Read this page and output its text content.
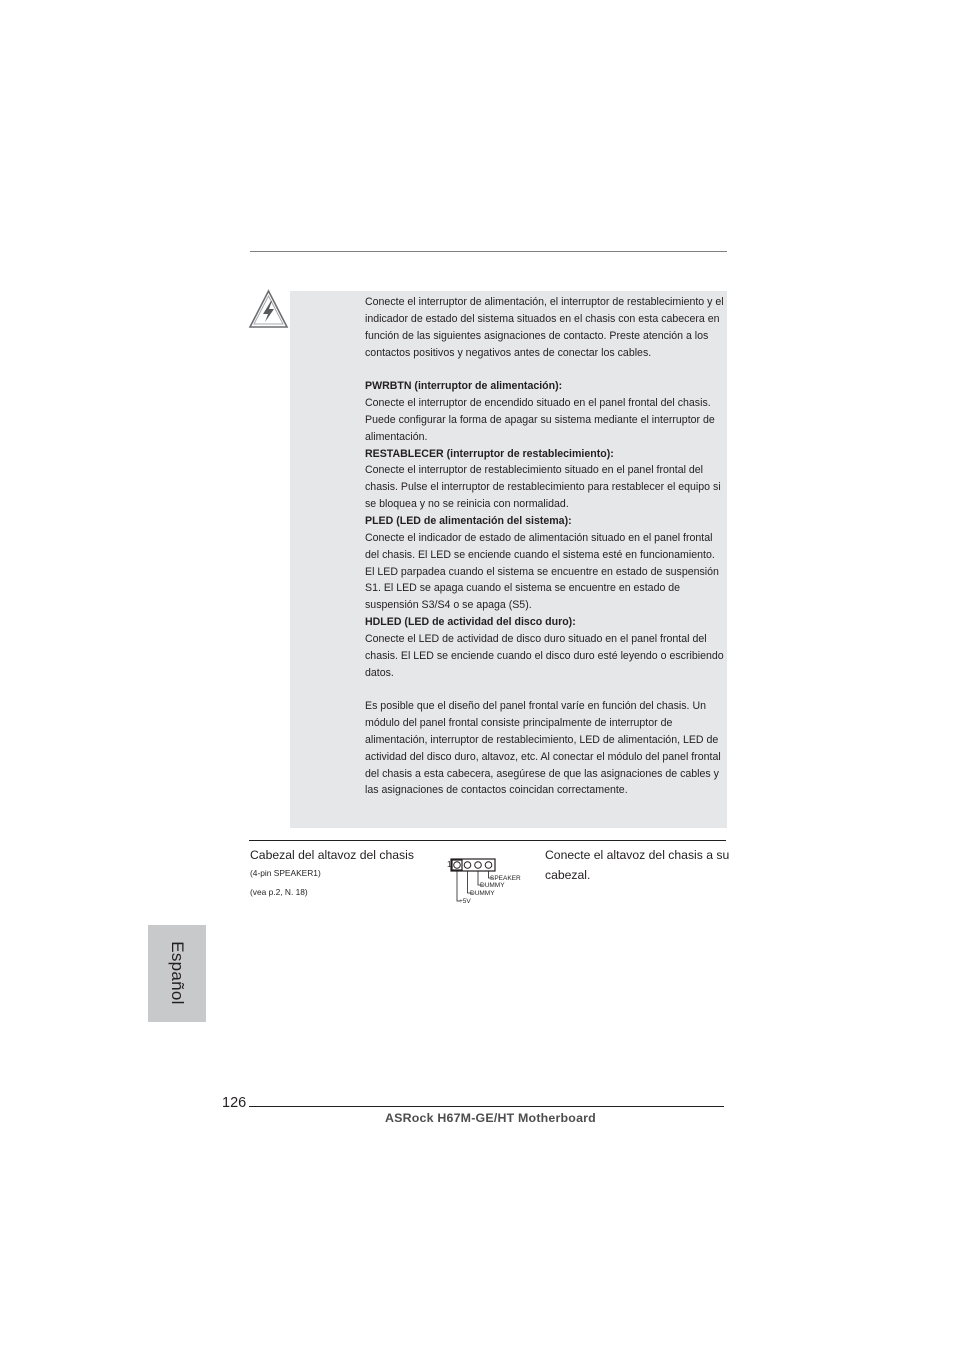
Conecte el interruptor de alimentación, el interruptor de restablecimiento y el indicador de estado del sistema situados en el chasis con esta cabecera en función de las siguientes asignaciones de contacto. Preste atención a los contactos positivos y negativos antes de conectar los cables.

PWRBTN (interruptor de alimentación):

Conecte el interruptor de encendido situado en el panel frontal del chasis. Puede configurar la forma de apagar su sistema mediante el interruptor de alimentación.

RESTABLECER (interruptor de restablecimiento):

Conecte el interruptor de restablecimiento situado en el panel frontal del chasis. Pulse el interruptor de restablecimiento para restablecer el equipo si se bloquea y no se reinicia con normalidad.

PLED (LED de alimentación del sistema):

Conecte el indicador de estado de alimentación situado en el panel frontal del chasis. El LED se enciende cuando el sistema esté en funcionamiento. El LED parpadea cuando el sistema se encuentre en estado de suspensión S1. El LED se apaga cuando el sistema se encuentre en estado de suspensión S3/S4 o se apaga (S5).

HDLED (LED de actividad del disco duro):

Conecte el LED de actividad de disco duro situado en el panel frontal del chasis. El LED se enciende cuando el disco duro esté leyendo o escribiendo datos.

Es posible que el diseño del panel frontal varíe en función del chasis. Un módulo del panel frontal consiste principalmente de interruptor de alimentación, interruptor de restablecimiento, LED de alimentación, LED de actividad del disco duro, altavoz, etc. Al conectar el módulo del panel frontal del chasis a esta cabecera, asegúrese de que las asignaciones de cables y las asignaciones de contactos coincidan correctamente.

Cabezal del altavoz del chasis
(4-pin SPEAKER1)
(vea p.2, N. 18)
1
SPEAKER
DUMMY
DUMMY
+5V
Conecte el altavoz del chasis a su cabezal.
Español
126
ASRock H67M-GE/HT Motherboard
